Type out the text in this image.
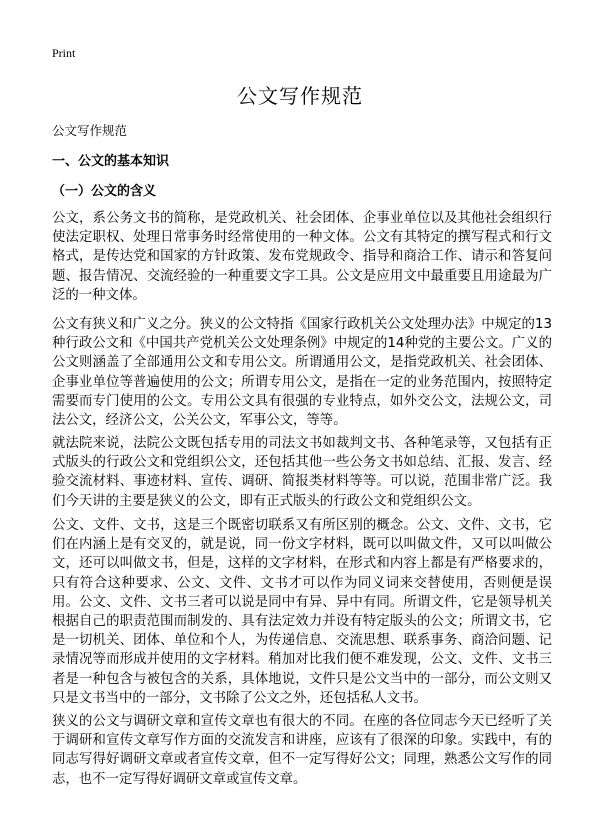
Print
公文写作规范
公文写作规范
一、公文的基本知识
（一）公文的含义

公文，系公务文书的简称，是党政机关、社会团体、企事业单位以及其他社会组织行使法定职权、处理日常事务时经常使用的一种文体。公文有其特定的撰写程式和行文格式，是传达党和国家的方针政策、发布党规政令、指导和商洽工作、请示和答复问题、报告情况、交流经验的一种重要文字工具。公文是应用文中最重要且用途最为广泛的一种文体。

公文有狭义和广义之分。狭义的公文特指《国家行政机关公文处理办法》中规定的13种行政公文和《中国共产党机关公文处理条例》中规定的14种党的主要公文。广义的公文则涵盖了全部通用公文和专用公文。所谓通用公文，是指党政机关、社会团体、企事业单位等普遍使用的公文；所谓专用公文，是指在一定的业务范围内，按照特定需要而专门使用的公文。专用公文具有很强的专业特点，如外交公文，法规公文，司法公文，经济公文，公关公文，军事公文，等等。

就法院来说，法院公文既包括专用的司法文书如裁判文书、各种笔录等，又包括有正式版头的行政公文和党组织公文，还包括其他一些公务文书如总结、汇报、发言、经验交流材料、事迹材料、宣传、调研、简报类材料等等。可以说，范围非常广泛。我们今天讲的主要是狭义的公文，即有正式版头的行政公文和党组织公文。

公文、文件、文书，这是三个既密切联系又有所区别的概念。公文、文件、文书，它们在内涵上是有交叉的，就是说，同一份文字材料，既可以叫做文件，又可以叫做公文，还可以叫做文书，但是，这样的文字材料，在形式和内容上都是有严格要求的，只有符合这种要求、公文、文件、文书才可以作为同义词来交替使用，否则便是误用。公文、文件、文书三者可以说是同中有异、异中有同。所谓文件，它是领导机关根据自己的职责范围而制发的、具有法定效力并设有特定版头的公文；所谓文书，它是一切机关、团体、单位和个人，为传递信息、交流思想、联系事务、商洽问题、记录情况等而形成并使用的文字材料。稍加对比我们便不难发现，公文、文件、文书三者是一种包含与被包含的关系，具体地说，文件只是公文当中的一部分，而公文则又只是文书当中的一部分，文书除了公文之外，还包括私人文书。

狭义的公文与调研文章和宣传文章也有很大的不同。在座的各位同志今天已经听了关于调研和宣传文章写作方面的交流发言和讲座，应该有了很深的印象。实践中，有的同志写得好调研文章或者宣传文章，但不一定写得好公文；同理，熟悉公文写作的同志，也不一定写得好调研文章或宣传文章。
